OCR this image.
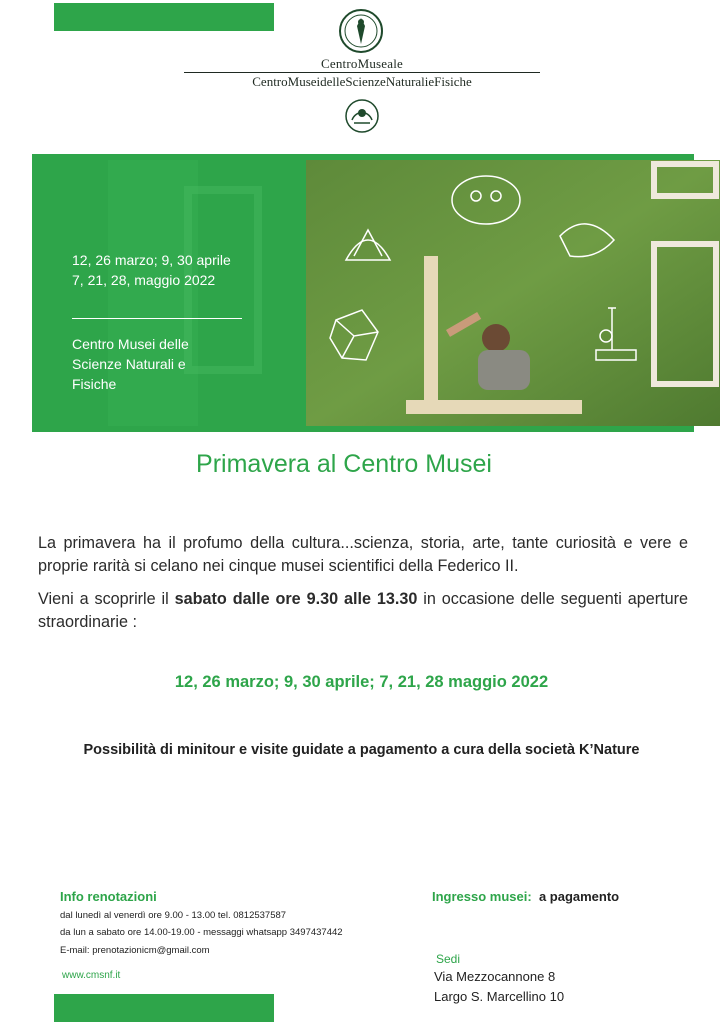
CentroMuseale
CentroMuseidelleScienzeNaturalieFisiche
12, 26 marzo; 9, 30 aprile
7, 21, 28, maggio 2022
Centro Musei delle
Scienze Naturali e
Fisiche
Primavera al Centro Musei
La primavera ha il profumo della cultura...scienza, storia, arte, tante curiosità e vere e proprie rarità si celano nei cinque musei scientifici della Federico II.
Vieni a scoprirle il sabato dalle ore 9.30 alle 13.30 in occasione delle seguenti aperture straordinarie :
12, 26 marzo; 9, 30 aprile; 7, 21, 28 maggio 2022
Possibilità di minitour e visite guidate a pagamento a cura della società K’Nature
Info renotazioni
dal lunedì al venerdì ore 9.00 - 13.00 tel. 0812537587
da lun a sabato ore 14.00-19.00 - messaggi whatsapp 3497437442
E-mail: prenotazionicm@gmail.com
www.cmsnf.it
Ingresso musei: a pagamento
Sedi
Via Mezzocannone 8
Largo S. Marcellino 10
